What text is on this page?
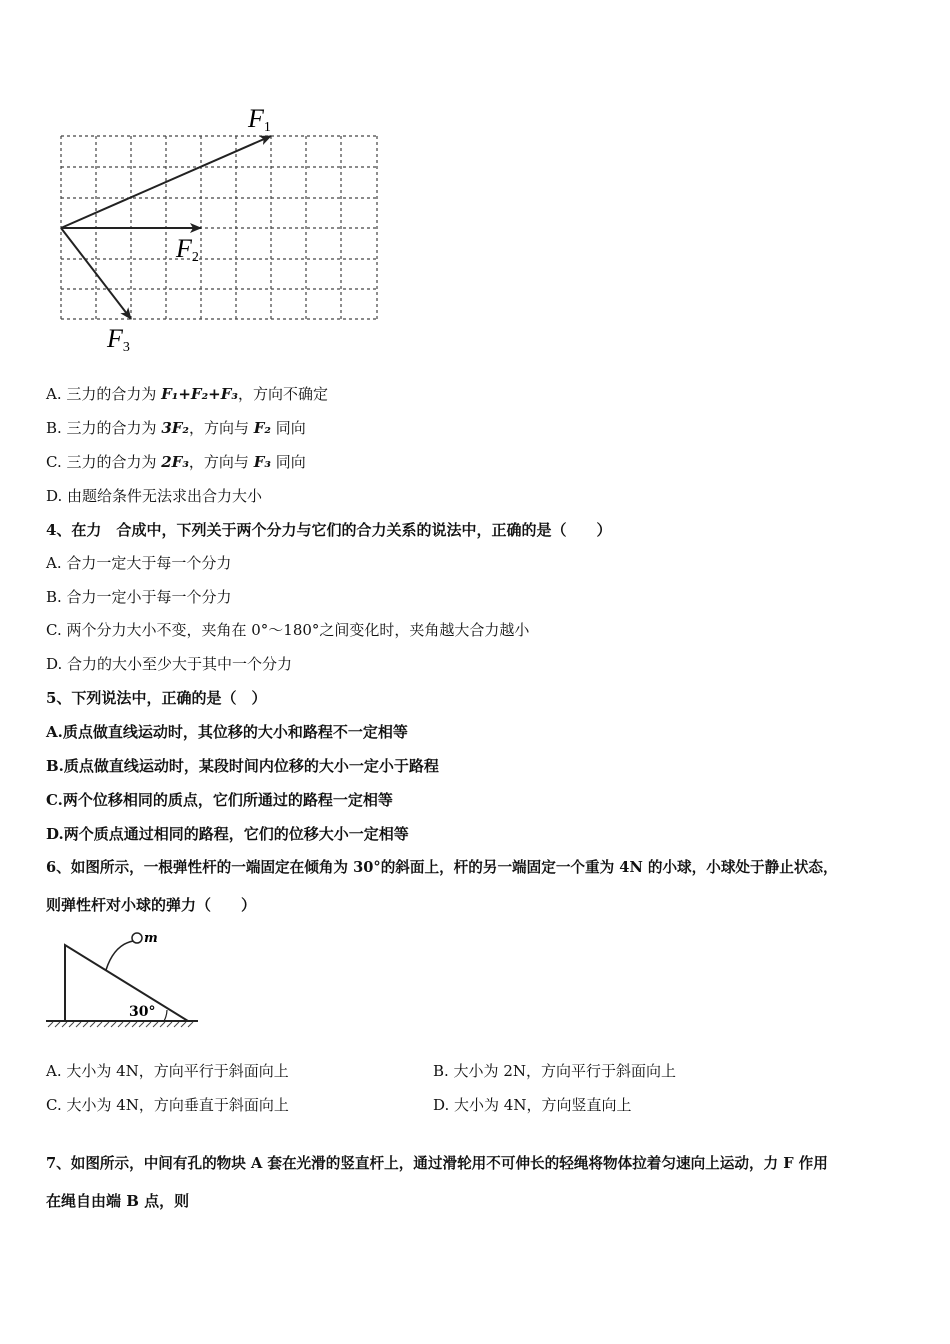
F1
F2
F3
A. 三力的合力为 F₁+F₂+F₃，方向不确定
B. 三力的合力为 3F₂，方向与 F₂ 同向
C. 三力的合力为 2F₃，方向与 F₃ 同向
D. 由题给条件无法求出合力大小
4、在力　合成中，下列关于两个分力与它们的合力关系的说法中，正确的是（　　）
A. 合力一定大于每一个分力
B. 合力一定小于每一个分力
C. 两个分力大小不变，夹角在 0°～180°之间变化时，夹角越大合力越小
D. 合力的大小至少大于其中一个分力
5、下列说法中，正确的是（　）
A.质点做直线运动时，其位移的大小和路程不一定相等
B.质点做直线运动时，某段时间内位移的大小一定小于路程
C.两个位移相同的质点，它们所通过的路程一定相等
D.两个质点通过相同的路程，它们的位移大小一定相等
6、如图所示，一根弹性杆的一端固定在倾角为 30°的斜面上，杆的另一端固定一个重为 4N 的小球，小球处于静止状态，
则弹性杆对小球的弹力（　　）
m
30°
A. 大小为 4N，方向平行于斜面向上	B. 大小为 2N，方向平行于斜面向上
C. 大小为 4N，方向垂直于斜面向上	D. 大小为 4N，方向竖直向上
7、如图所示，中间有孔的物块 A 套在光滑的竖直杆上，通过滑轮用不可伸长的轻绳将物体拉着匀速向上运动，力 F 作用
在绳自由端 B 点，则
